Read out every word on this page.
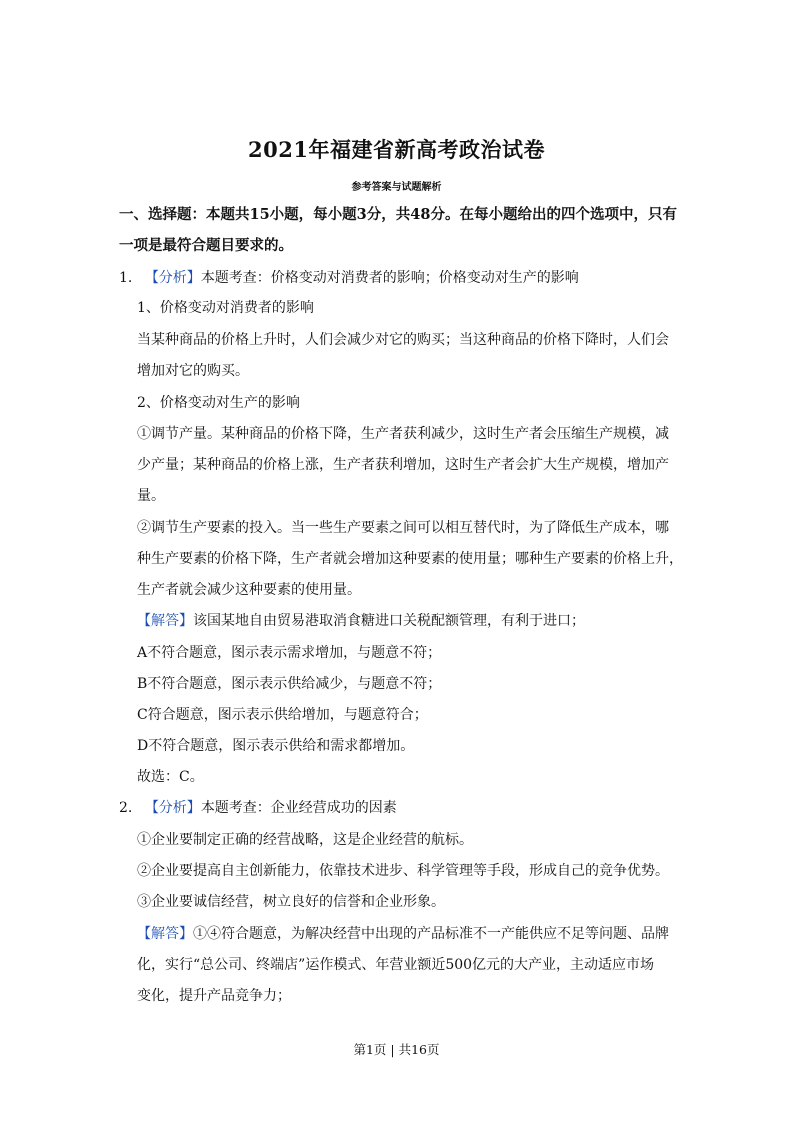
2021年福建省新高考政治试卷
参考答案与试题解析
一、选择题：本题共15小题，每小题3分，共48分。在每小题给出的四个选项中，只有
一项是最符合题目要求的。
1. 【分析】本题考查：价格变动对消费者的影响；价格变动对生产的影响
1、价格变动对消费者的影响
当某种商品的价格上升时，人们会减少对它的购买；当这种商品的价格下降时，人们会
增加对它的购买。
2、价格变动对生产的影响
①调节产量。某种商品的价格下降，生产者获利减少，这时生产者会压缩生产规模，减
少产量；某种商品的价格上涨，生产者获利增加，这时生产者会扩大生产规模，增加产
量。
②调节生产要素的投入。当一些生产要素之间可以相互替代时，为了降低生产成本，哪
种生产要素的价格下降，生产者就会增加这种要素的使用量；哪种生产要素的价格上升，
生产者就会减少这种要素的使用量。
【解答】该国某地自由贸易港取消食糖进口关税配额管理，有利于进口；
A不符合题意，图示表示需求增加，与题意不符；
B不符合题意，图示表示供给减少，与题意不符；
C符合题意，图示表示供给增加，与题意符合；
D不符合题意，图示表示供给和需求都增加。
故选：C。
2. 【分析】本题考查：企业经营成功的因素
①企业要制定正确的经营战略，这是企业经营的航标。
②企业要提高自主创新能力，依靠技术进步、科学管理等手段，形成自己的竞争优势。
③企业要诚信经营，树立良好的信誉和企业形象。
【解答】①④符合题意，为解决经营中出现的产品标准不一产能供应不足等问题、品牌
化，实行“总公司、终端店”运作模式、年营业额近500亿元的大产业，主动适应市场
变化，提升产品竞争力；
第1页 | 共16页
